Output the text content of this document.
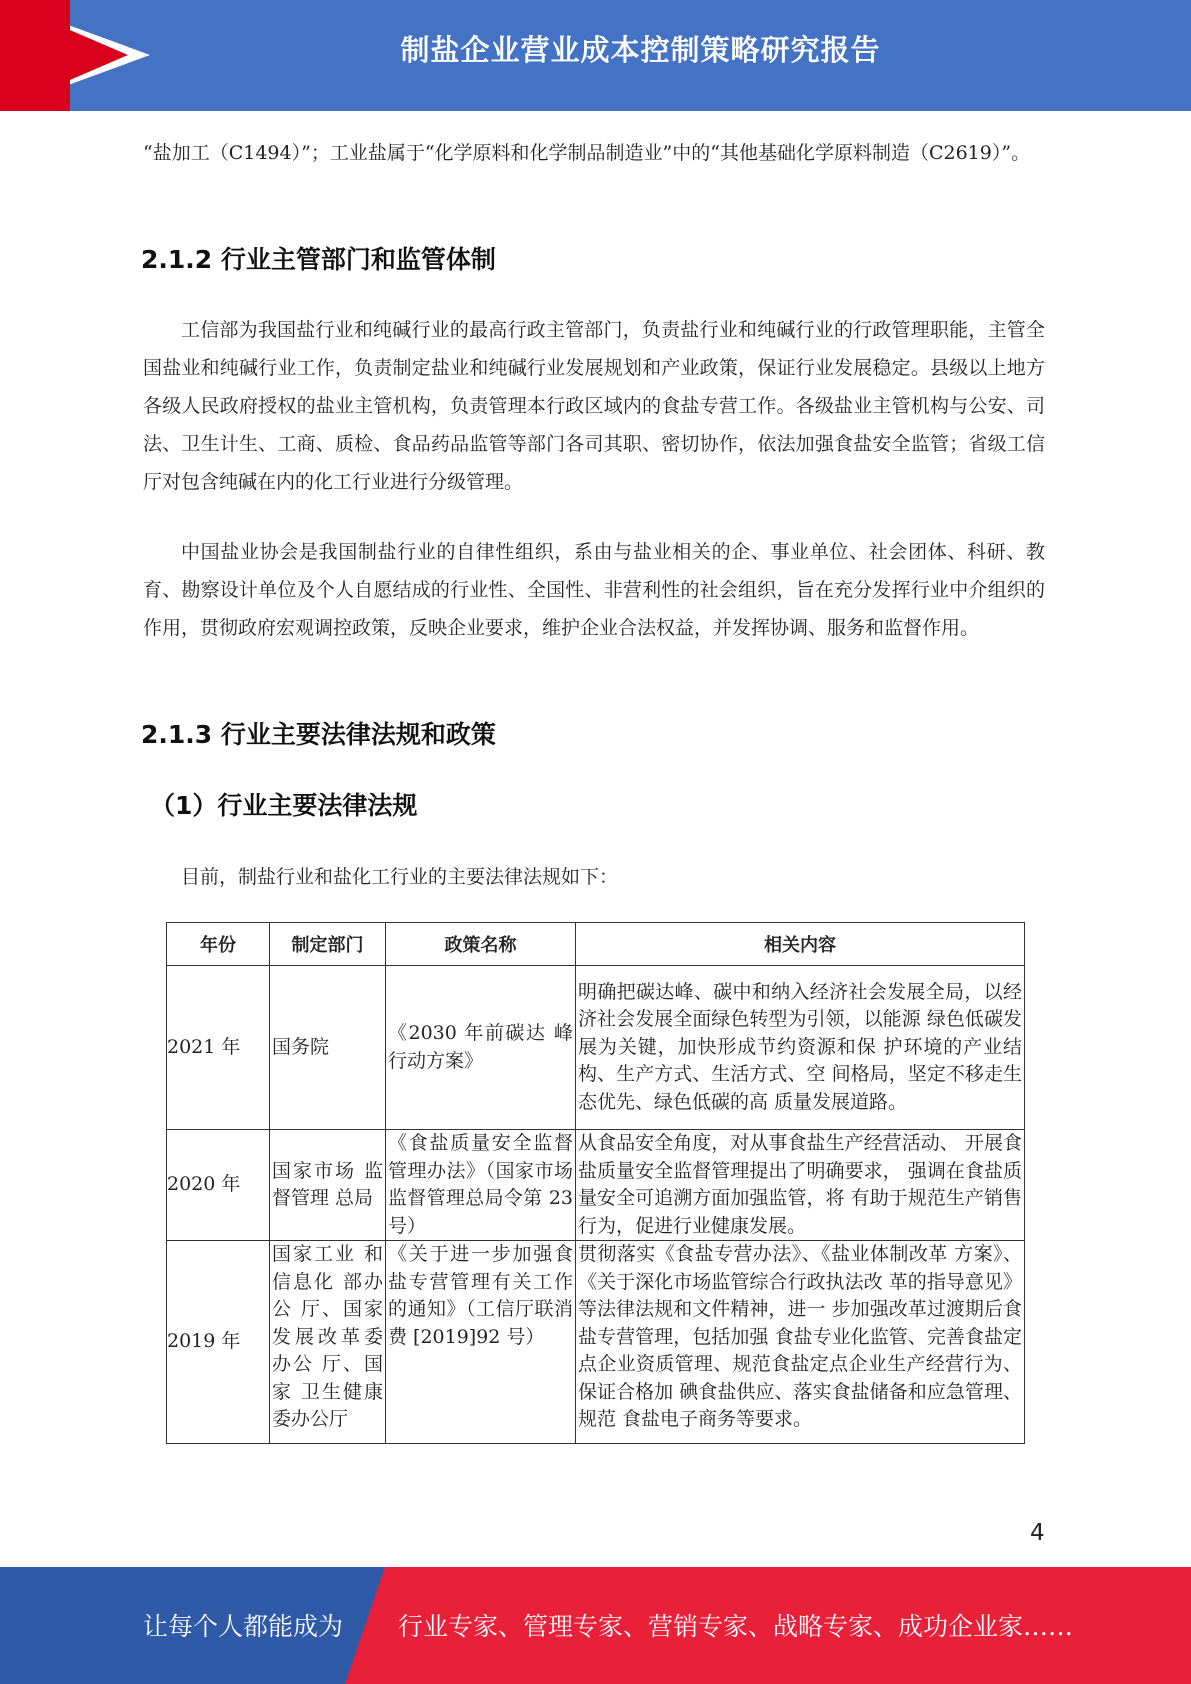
制盐企业营业成本控制策略研究报告

“盐加工（C1494）”；工业盐属于“化学原料和化学制品制造业”中的“其他基础化学原料制造（C2619）”。

2.1.2 行业主管部门和监管体制

工信部为我国盐行业和纯碱行业的最高行政主管部门，负责盐行业和纯碱行业的行政管理职能，主管全国盐业和纯碱行业工作，负责制定盐业和纯碱行业发展规划和产业政策，保证行业发展稳定。县级以上地方各级人民政府授权的盐业主管机构，负责管理本行政区域内的食盐专营工作。各级盐业主管机构与公安、司法、卫生计生、工商、质检、食品药品监管等部门各司其职、密切协作，依法加强食盐安全监管；省级工信厅对包含纯碱在内的化工行业进行分级管理。

中国盐业协会是我国制盐行业的自律性组织，系由与盐业相关的企、事业单位、社会团体、科研、教育、勘察设计单位及个人自愿结成的行业性、全国性、非营利性的社会组织，旨在充分发挥行业中介组织的作用，贯彻政府宏观调控政策，反映企业要求，维护企业合法权益，并发挥协调、服务和监督作用。

2.1.3 行业主要法律法规和政策
（1）行业主要法律法规

目前，制盐行业和盐化工行业的主要法律法规如下：

年份	制定部门	政策名称	相关内容
2021 年	国务院	《2030 年前碳达 峰行动方案》	明确把碳达峰、碳中和纳入经济社会发展全局，以经济社会发展全面绿色转型为引领，以能源 绿色低碳发展为关键，加快形成节约资源和保 护环境的产业结构、生产方式、生活方式、空 间格局，坚定不移走生态优先、绿色低碳的高 质量发展道路。
2020 年	国家市场 监督管理 总局	《食盐质量安全监督管理办法》（国家市场监督管理总局令第 23 号）	从食品安全角度，对从事食盐生产经营活动、 开展食盐质量安全监督管理提出了明确要求， 强调在食盐质量安全可追溯方面加强监管，将 有助于规范生产销售行为，促进行业健康发展。
2019 年	国家工业 和信息化 部办公 厅、国家发展改革委办公 厅、国家 卫生健康委办公厅	《关于进一步加强食盐专营管理有关工作的通知》（工信厅联消费 [2019]92 号）	贯彻落实《食盐专营办法》、《盐业体制改革 方案》、《关于深化市场监管综合行政执法改 革的指导意见》等法律法规和文件精神，进一 步加强改革过渡期后食盐专营管理，包括加强 食盐专业化监管、完善食盐定点企业资质管理、规范食盐定点企业生产经营行为、保证合格加 碘食盐供应、落实食盐储备和应急管理、规范 食盐电子商务等要求。
4
让每个人都能成为 行业专家、管理专家、营销专家、战略专家、成功企业家……
